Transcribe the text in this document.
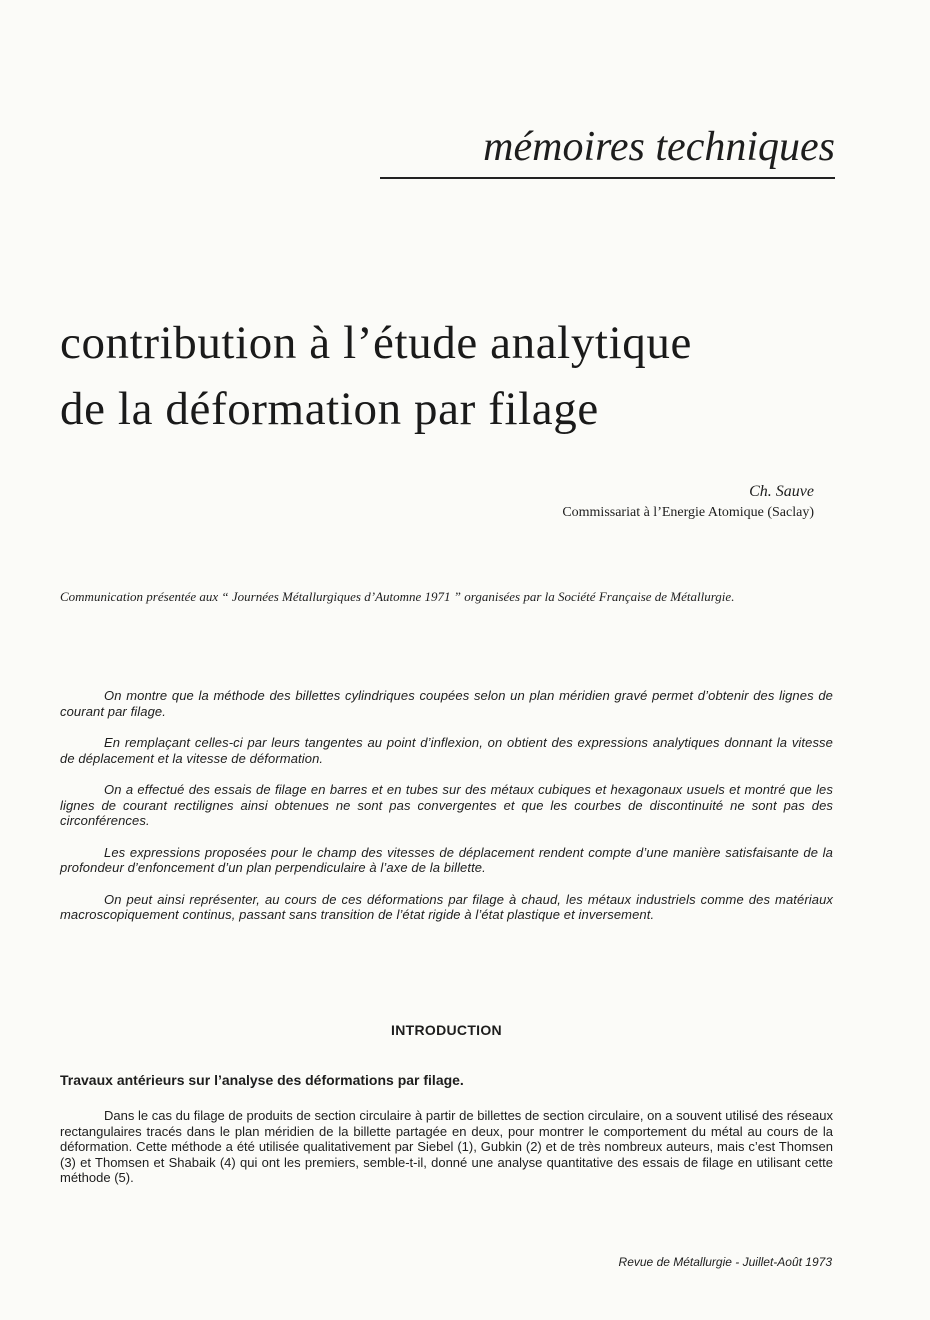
mémoires techniques
contribution à l’étude analytique
de la déformation par filage
Ch. Sauve
Commissariat à l’Energie Atomique (Saclay)

Communication présentée aux “ Journées Métallurgiques d’Automne 1971 ” organisées par la Société Française de Métallurgie.

On montre que la méthode des billettes cylindriques coupées selon un plan méridien gravé permet d’obtenir des lignes de courant par filage.

En remplaçant celles-ci par leurs tangentes au point d’inflexion, on obtient des expressions analytiques donnant la vitesse de déplacement et la vitesse de déformation.

On a effectué des essais de filage en barres et en tubes sur des métaux cubiques et hexagonaux usuels et montré que les lignes de courant rectilignes ainsi obtenues ne sont pas convergentes et que les courbes de discontinuité ne sont pas des circonférences.

Les expressions proposées pour le champ des vitesses de déplacement rendent compte d’une manière satisfaisante de la profondeur d’enfoncement d’un plan perpendiculaire à l’axe de la billette.

On peut ainsi représenter, au cours de ces déformations par filage à chaud, les métaux industriels comme des matériaux macroscopiquement continus, passant sans transition de l’état rigide à l’état plastique et inversement.

INTRODUCTION
Travaux antérieurs sur l’analyse des déformations par filage.

Dans le cas du filage de produits de section circulaire à partir de billettes de section circulaire, on a souvent utilisé des réseaux rectangulaires tracés dans le plan méridien de la billette partagée en deux, pour montrer le comportement du métal au cours de la déformation. Cette méthode a été utilisée qualitativement par Siebel (1), Gubkin (2) et de très nombreux auteurs, mais c’est Thomsen (3) et Thomsen et Shabaik (4) qui ont les premiers, semble-t-il, donné une analyse quantitative des essais de filage en utilisant cette méthode (5).

Revue de Métallurgie - Juillet-Août 1973
